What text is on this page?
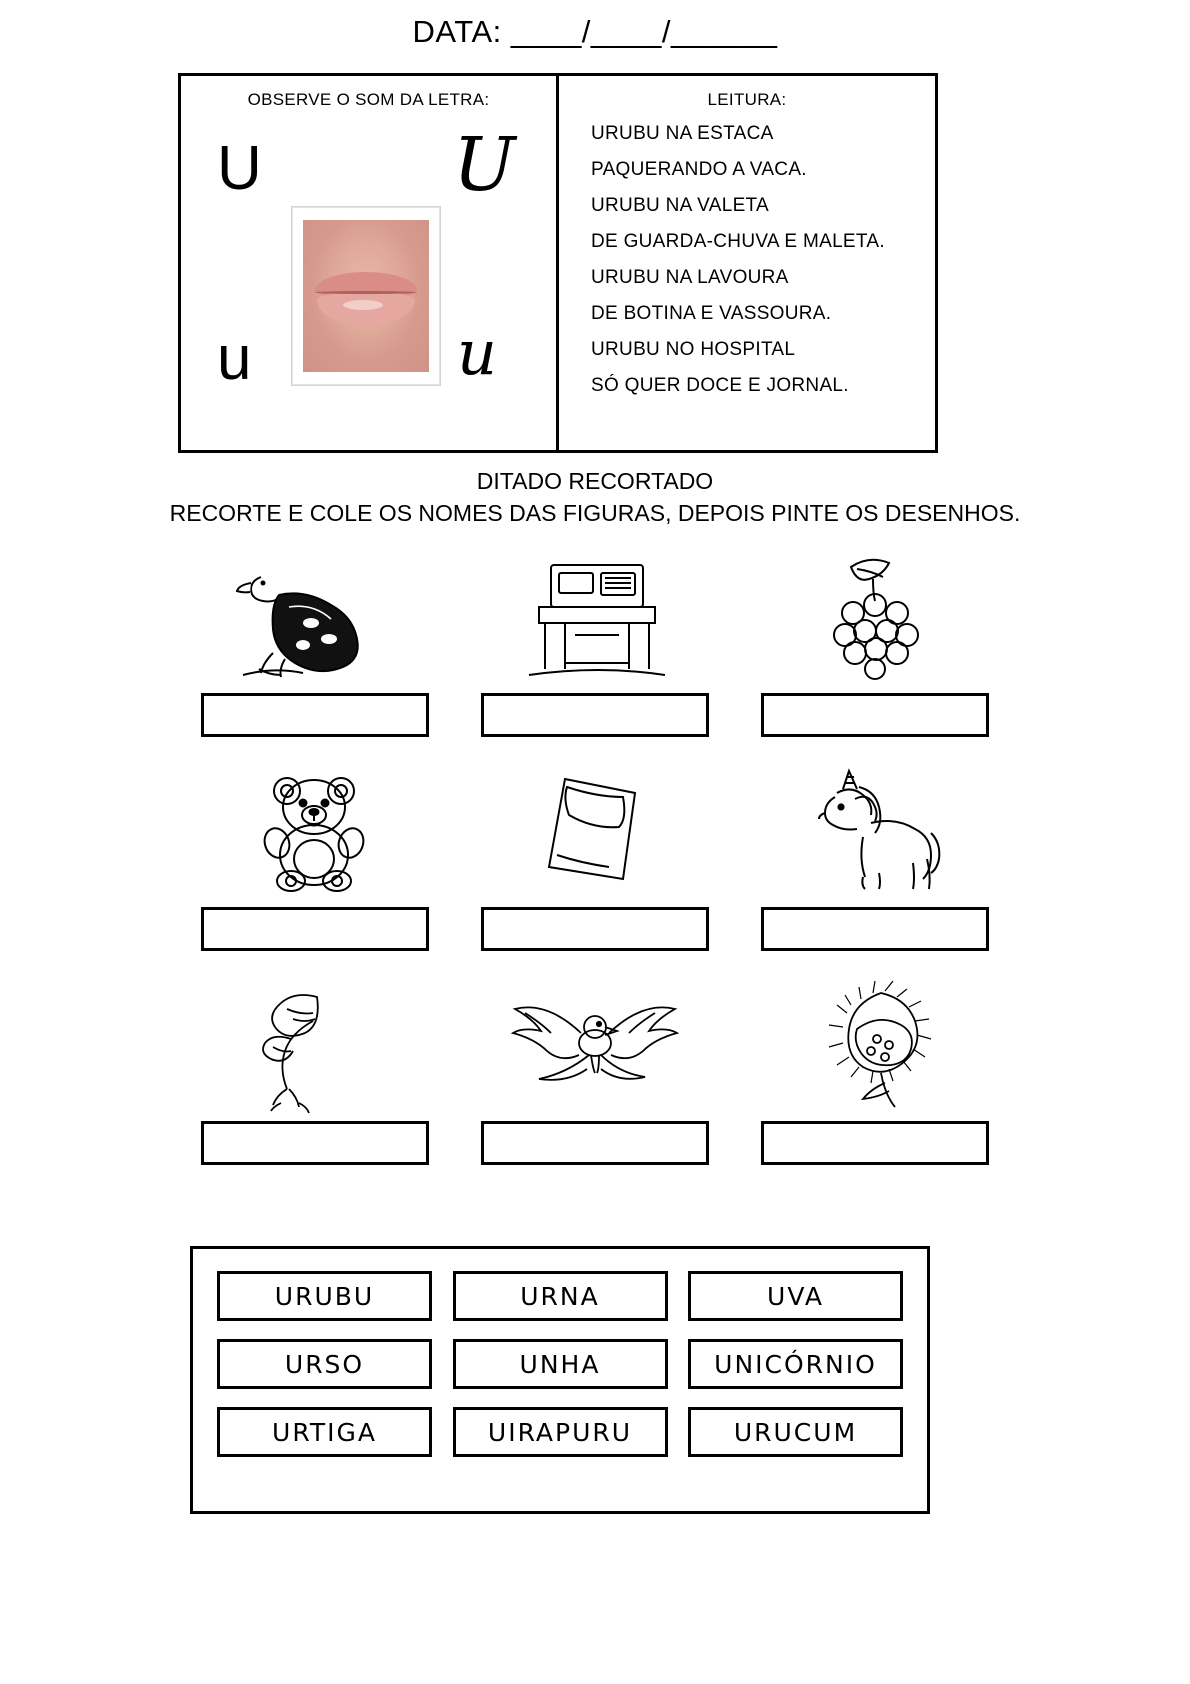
DATA: ____/____/______
OBSERVE O SOM DA LETRA:
U
u
U
u
LEITURA:
URUBU NA ESTACA
PAQUERANDO A VACA.
URUBU NA VALETA
DE GUARDA-CHUVA E MALETA.
URUBU NA LAVOURA
DE BOTINA E VASSOURA.
URUBU NO HOSPITAL
SÓ QUER DOCE E JORNAL.
DITADO RECORTADO
RECORTE E COLE OS NOMES DAS FIGURAS, DEPOIS PINTE OS DESENHOS.
URUBU	URNA	UVA
URSO	UNHA	UNICÓRNIO
URTIGA	UIRAPURU	URUCUM
